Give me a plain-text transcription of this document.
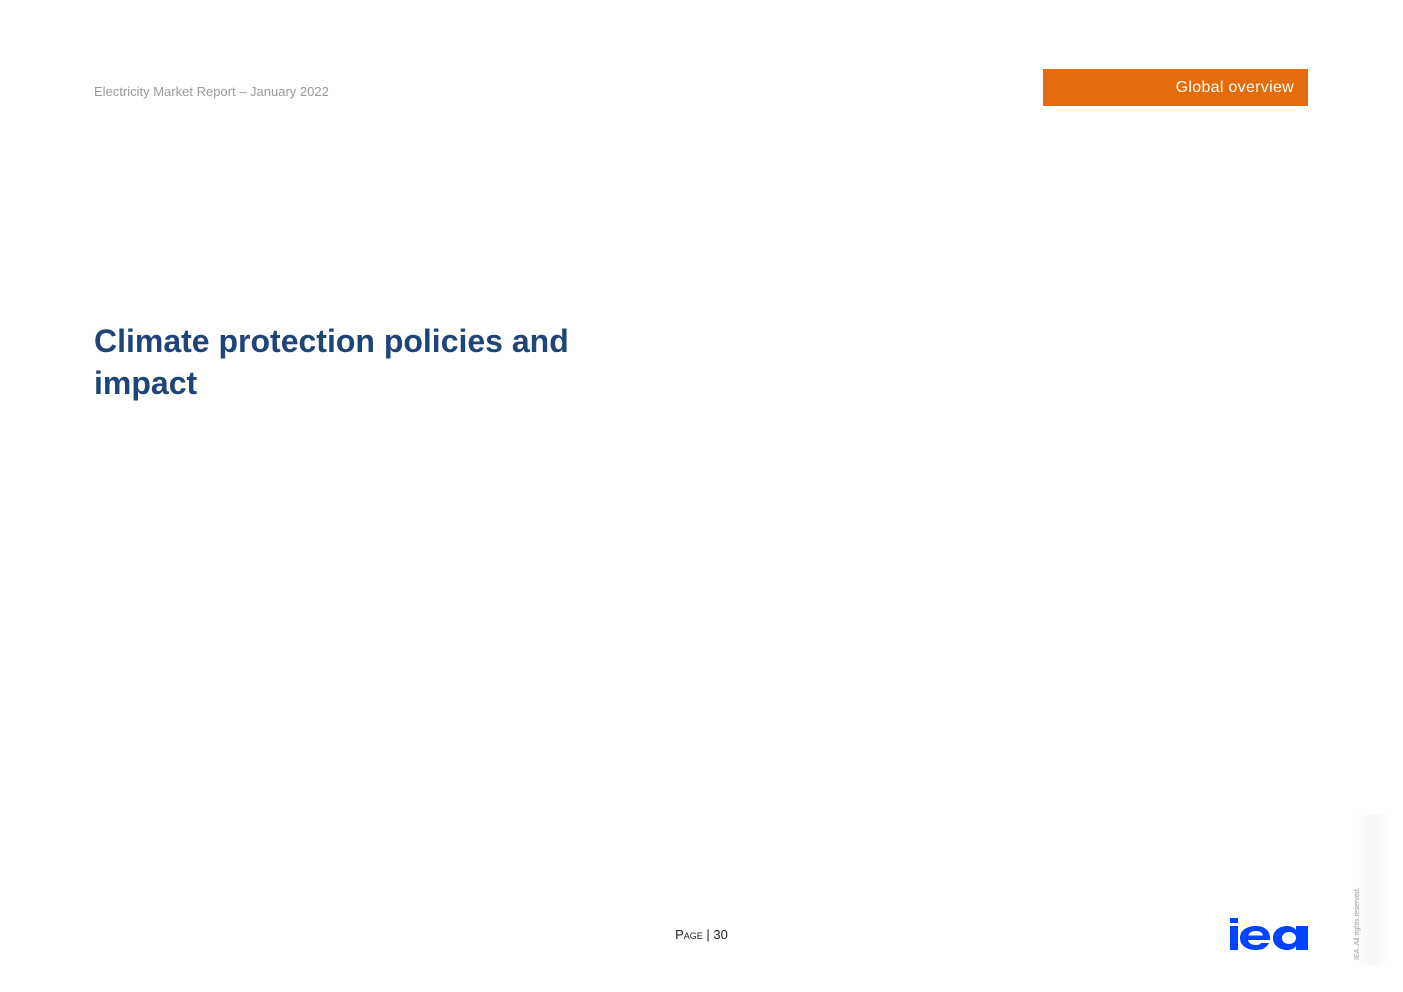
Electricity Market Report – January 2022	Global overview
Climate protection policies and impact
Page | 30	IEA. All rights reserved.
